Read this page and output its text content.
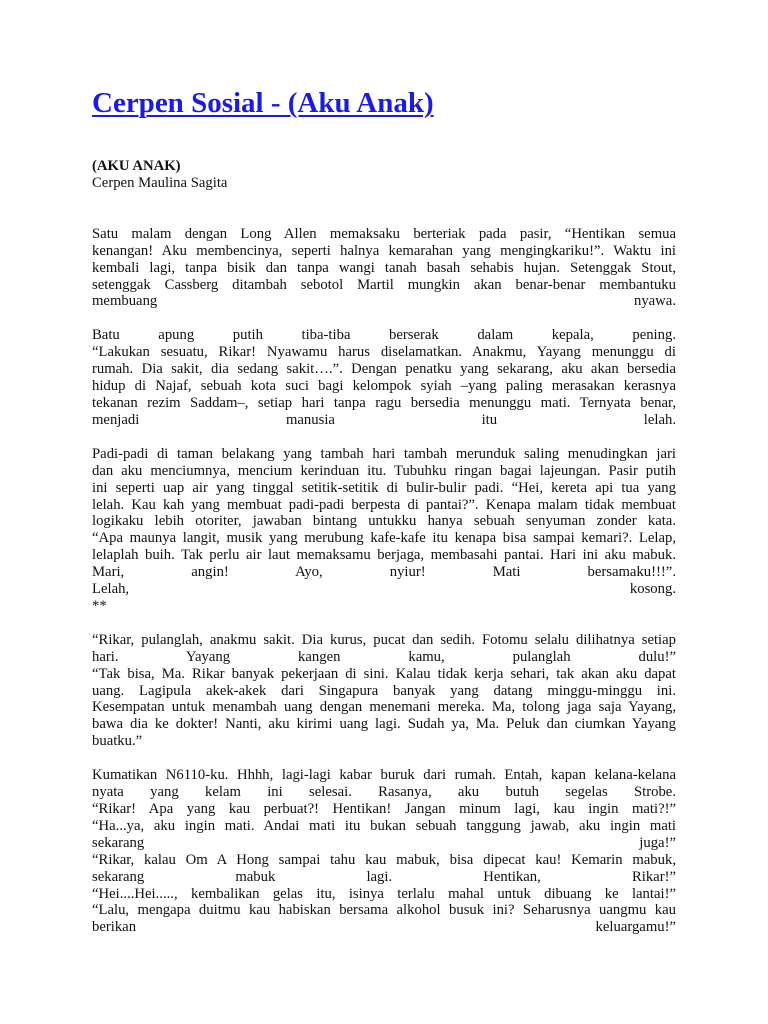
Cerpen Sosial - (Aku Anak)
(AKU ANAK)
Cerpen Maulina Sagita
Satu malam dengan Long Allen memaksaku berteriak pada pasir, “Hentikan semua
kenangan! Aku membencinya, seperti halnya kemarahan yang mengingkariku!”. Waktu ini
kembali lagi, tanpa bisik dan tanpa wangi tanah basah sehabis hujan. Setenggak Stout,
setenggak Cassberg ditambah sebotol Martil mungkin akan benar-benar membantuku
membuang nyawa.
Batu apung putih tiba-tiba berserak dalam kepala, pening.
“Lakukan sesuatu, Rikar! Nyawamu harus diselamatkan. Anakmu, Yayang menunggu di
rumah. Dia sakit, dia sedang sakit….”. Dengan penatku yang sekarang, aku akan bersedia
hidup di Najaf, sebuah kota suci bagi kelompok syiah –yang paling merasakan kerasnya
tekanan rezim Saddam–, setiap hari tanpa ragu bersedia menunggu mati. Ternyata benar,
menjadi manusia itu lelah.
Padi-padi di taman belakang yang tambah hari tambah merunduk saling menudingkan jari
dan aku menciumnya, mencium kerinduan itu. Tubuhku ringan bagai lajeungan. Pasir putih
ini seperti uap air yang tinggal setitik-setitik di bulir-bulir padi. “Hei, kereta api tua yang
lelah. Kau kah yang membuat padi-padi berpesta di pantai?”. Kenapa malam tidak membuat
logikaku lebih otoriter, jawaban bintang untukku hanya sebuah senyuman zonder kata.
“Apa maunya langit, musik yang merubung kafe-kafe itu kenapa bisa sampai kemari?. Lelap,
lelaplah buih. Tak perlu air laut memaksamu berjaga, membasahi pantai. Hari ini aku mabuk.
Mari, angin! Ayo, nyiur! Mati bersamaku!!!”.
Lelah, kosong.
**
“Rikar, pulanglah, anakmu sakit. Dia kurus, pucat dan sedih. Fotomu selalu dilihatnya setiap
hari. Yayang kangen kamu, pulanglah dulu!”
“Tak bisa, Ma. Rikar banyak pekerjaan di sini. Kalau tidak kerja sehari, tak akan aku dapat
uang. Lagipula akek-akek dari Singapura banyak yang datang minggu-minggu ini.
Kesempatan untuk menambah uang dengan menemani mereka. Ma, tolong jaga saja Yayang,
bawa dia ke dokter! Nanti, aku kirimi uang lagi. Sudah ya, Ma. Peluk dan ciumkan Yayang
buatku.”
Kumatikan N6110-ku. Hhhh, lagi-lagi kabar buruk dari rumah. Entah, kapan kelana-kelana
nyata yang kelam ini selesai. Rasanya, aku butuh segelas Strobe.
“Rikar! Apa yang kau perbuat?! Hentikan! Jangan minum lagi, kau ingin mati?!”
“Ha...ya, aku ingin mati. Andai mati itu bukan sebuah tanggung jawab, aku ingin mati
sekarang juga!”
“Rikar, kalau Om A Hong sampai tahu kau mabuk, bisa dipecat kau! Kemarin mabuk,
sekarang mabuk lagi. Hentikan, Rikar!”
“Hei....Hei....., kembalikan gelas itu, isinya terlalu mahal untuk dibuang ke lantai!”
“Lalu, mengapa duitmu kau habiskan bersama alkohol busuk ini? Seharusnya uangmu kau
berikan keluargamu!”
